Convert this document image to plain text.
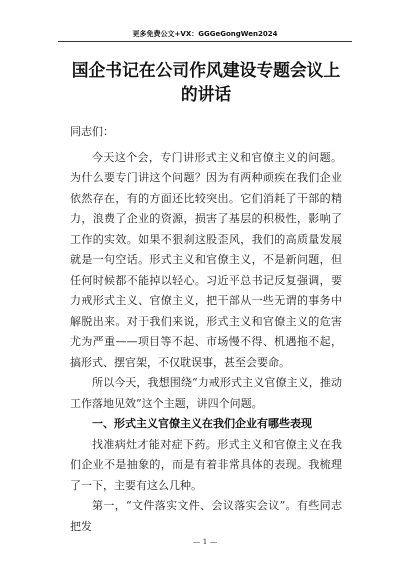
更多免费公文+VX：GGGeGongWen2024
国企书记在公司作风建设专题会议上的讲话

同志们：

今天这个会，专门讲形式主义和官僚主义的问题。为什么要专门讲这个问题？因为有两种顽疾在我们企业依然存在，有的方面还比较突出。它们消耗了干部的精力，浪费了企业的资源，损害了基层的积极性，影响了工作的实效。如果不狠刹这股歪风，我们的高质量发展就是一句空话。形式主义和官僚主义，不是新问题，但任何时候都不能掉以轻心。习近平总书记反复强调，要力戒形式主义、官僚主义，把干部从一些无谓的事务中解脱出来。对于我们来说，形式主义和官僚主义的危害尤为严重——项目等不起、市场慢不得、机遇拖不起，搞形式、摆官架，不仅耽误事，甚至会要命。

所以今天，我想围绕“力戒形式主义官僚主义，推动工作落地见效”这个主题，讲四个问题。

一、形式主义官僚主义在我们企业有哪些表现

找准病灶才能对症下药。形式主义和官僚主义在我们企业不是抽象的，而是有着非常具体的表现。我梳理了一下，主要有这么几种。

第一，“文件落实文件、会议落实会议”。有些同志把发

— 1 —
